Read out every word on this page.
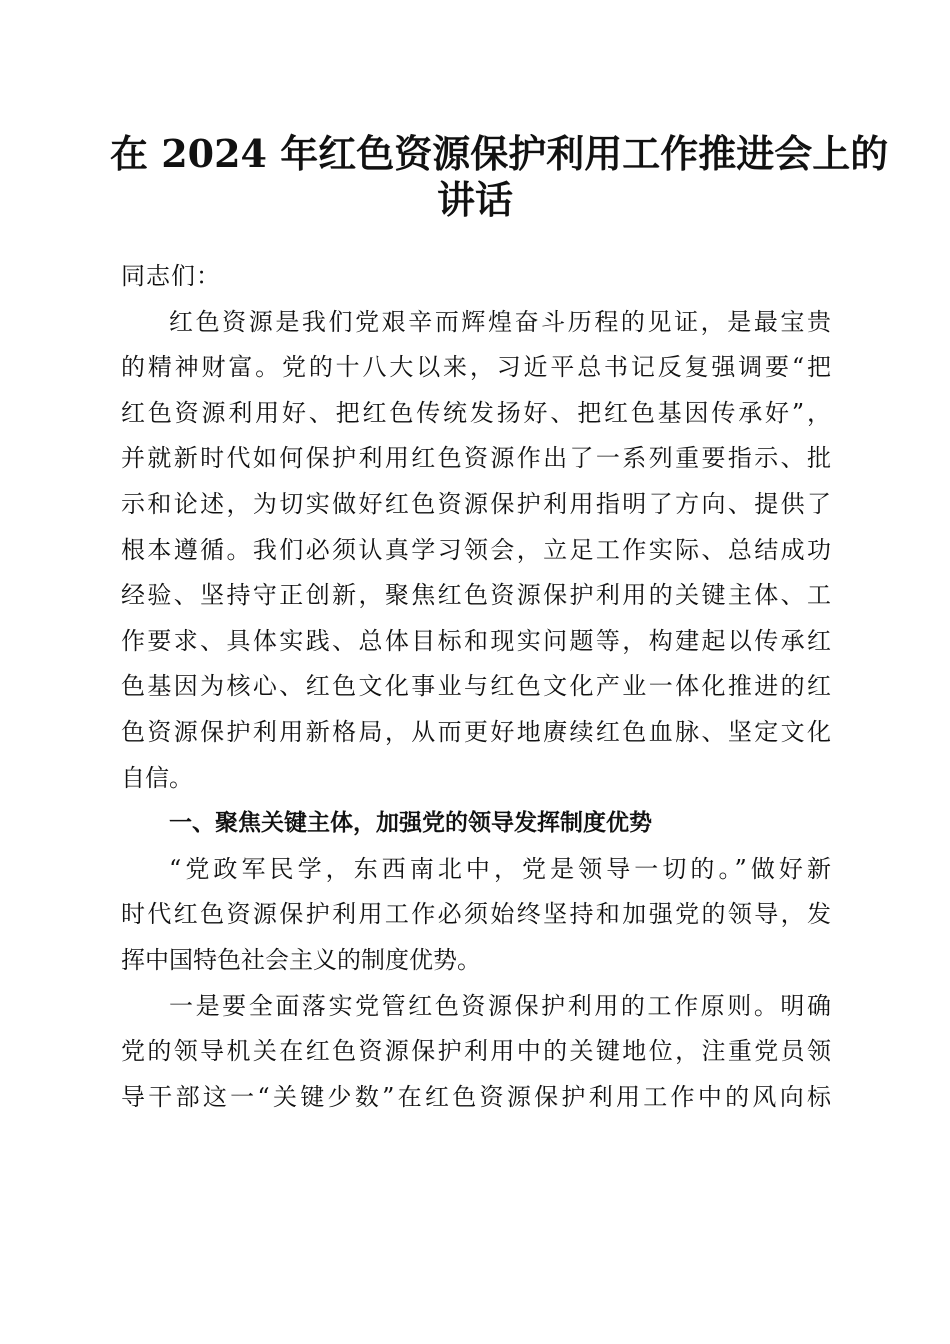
在 2024 年红色资源保护利用工作推进会上的
讲话
同志们：
红色资源是我们党艰辛而辉煌奋斗历程的见证，是最宝贵
的精神财富。党的十八大以来，习近平总书记反复强调要“把
红色资源利用好、把红色传统发扬好、把红色基因传承好”，
并就新时代如何保护利用红色资源作出了一系列重要指示、批
示和论述，为切实做好红色资源保护利用指明了方向、提供了
根本遵循。我们必须认真学习领会，立足工作实际、总结成功
经验、坚持守正创新，聚焦红色资源保护利用的关键主体、工
作要求、具体实践、总体目标和现实问题等，构建起以传承红
色基因为核心、红色文化事业与红色文化产业一体化推进的红
色资源保护利用新格局，从而更好地赓续红色血脉、坚定文化
自信。
一、聚焦关键主体，加强党的领导发挥制度优势
“党政军民学，东西南北中，党是领导一切的。”做好新
时代红色资源保护利用工作必须始终坚持和加强党的领导，发
挥中国特色社会主义的制度优势。
一是要全面落实党管红色资源保护利用的工作原则。明确
党的领导机关在红色资源保护利用中的关键地位，注重党员领
导干部这一“关键少数”在红色资源保护利用工作中的风向标
